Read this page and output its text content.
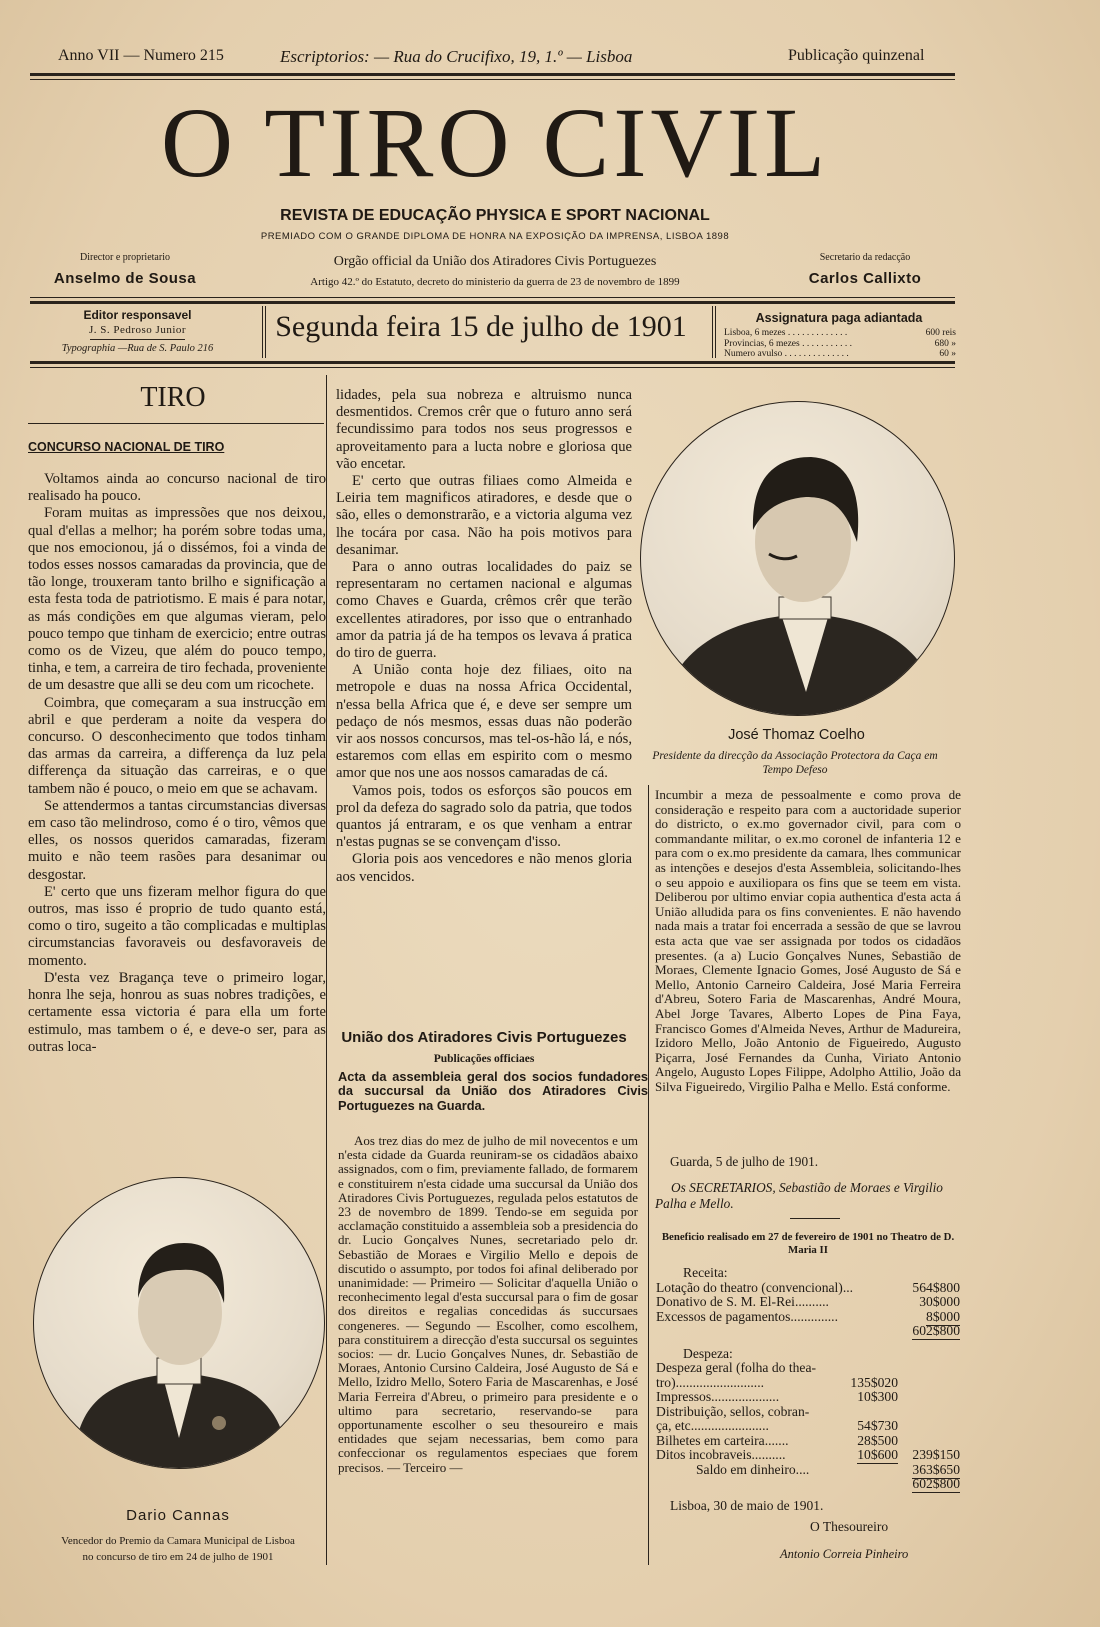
Anno VII — Numero 215	Escriptorios: — Rua do Crucifixo, 19, 1.º — Lisboa	Publicação quinzenal
O TIRO CIVIL
REVISTA DE EDUCAÇÃO PHYSICA E SPORT NACIONAL
PREMIADO COM O GRANDE DIPLOMA DE HONRA NA EXPOSIÇÃO DA IMPRENSA, LISBOA 1898
Director e proprietario
Anselmo de Sousa
Orgão official da União dos Atiradores Civis Portuguezes
Artigo 42.º do Estatuto, decreto do ministerio da guerra de 23 de novembro de 1899
Secretario da redacção
Carlos Callixto
Editor responsavel
J. S. Pedroso Junior
Typographia —Rua de S. Paulo 216
Segunda feira 15 de julho de 1901	Assignatura paga adiantada
Lisboa, 6 mezes . . . . . . . . . . . . .	600 reis
Provincias, 6 mezes . . . . . . . . . . .	680 »
Numero avulso . . . . . . . . . . . . . .	60 »
TIRO
CONCURSO NACIONAL DE TIRO

Voltamos ainda ao concurso nacional de tiro realisado ha pouco.

Foram muitas as impressões que nos deixou, qual d'ellas a melhor; ha porém sobre todas uma, que nos emocionou, já o dissémos, foi a vinda de todos esses nossos camaradas da provincia, que de tão longe, trouxeram tanto brilho e significação a esta festa toda de patriotismo. E mais é para notar, as más condições em que algumas vieram, pelo pouco tempo que tinham de exercicio; entre outras como os de Vizeu, que além do pouco tempo, tinha, e tem, a carreira de tiro fechada, proveniente de um desastre que alli se deu com um ricochete.

Coimbra, que começaram a sua instrucção em abril e que perderam a noite da vespera do concurso. O desconhecimento que todos tinham das armas da carreira, a differença da luz pela differença da situação das carreiras, e o que tambem não é pouco, o meio em que se achavam.

Se attendermos a tantas circumstancias diversas em caso tão melindroso, como é o tiro, vêmos que elles, os nossos queridos camaradas, fizeram muito e não teem rasões para desanimar ou desgostar.

E' certo que uns fizeram melhor figura do que outros, mas isso é proprio de tudo quanto está, como o tiro, sugeito a tão complicadas e multiplas circumstancias favoraveis ou desfavoraveis de momento.

D'esta vez Bragança teve o primeiro logar, honra lhe seja, honrou as suas nobres tradições, e certamente essa victoria é para ella um forte estimulo, mas tambem o é, e deve-o ser, para as outras loca-

Dario Cannas
Vencedor do Premio da Camara Municipal de Lisboa
no concurso de tiro em 24 de julho de 1901

lidades, pela sua nobreza e altruismo nunca desmentidos. Cremos crêr que o futuro anno será fecundissimo para todos nos seus progressos e aproveitamento para a lucta nobre e gloriosa que vão encetar.

E' certo que outras filiaes como Almeida e Leiria tem magnificos atiradores, e desde que o são, elles o demonstrarão, e a victoria alguma vez lhe tocára por casa. Não ha pois motivos para desanimar.

Para o anno outras localidades do paiz se representaram no certamen nacional e algumas como Chaves e Guarda, crêmos crêr que terão excellentes atiradores, por isso que o entranhado amor da patria já de ha tempos os levava á pratica do tiro de guerra.

A União conta hoje dez filiaes, oito na metropole e duas na nossa Africa Occidental, n'essa bella Africa que é, e deve ser sempre um pedaço de nós mesmos, essas duas não poderão vir aos nossos concursos, mas tel-os-hão lá, e nós, estaremos com ellas em espirito com o mesmo amor que nos une aos nossos camaradas de cá.

Vamos pois, todos os esforços são poucos em prol da defeza do sagrado solo da patria, que todos quantos já entraram, e os que venham a entrar n'estas pugnas se se convençam d'isso.

Gloria pois aos vencedores e não menos gloria aos vencidos.

União dos Atiradores Civis Portuguezes
Publicações officiaes
Acta da assembleia geral dos socios fundadores da succursal da União dos Atiradores Civis Portuguezes na Guarda.
Aos trez dias do mez de julho de mil novecentos e um n'esta cidade da Guarda reuniram-se os cidadãos abaixo assignados, com o fim, previamente fallado, de formarem e constituirem n'esta cidade uma succursal da União dos Atiradores Civis Portuguezes, regulada pelos estatutos de 23 de novembro de 1899. Tendo-se em seguida por acclamação constituido a assembleia sob a presidencia do dr. Lucio Gonçalves Nunes, secretariado pelo dr. Sebastião de Moraes e Virgilio Mello e depois de discutido o assumpto, por todos foi afinal deliberado por unanimidade: — Primeiro — Solicitar d'aquella União o reconhecimento legal d'esta succursal para o fim de gosar dos direitos e regalias concedidas ás succursaes congeneres. — Segundo — Escolher, como escolhem, para constituirem a direcção d'esta succursal os seguintes socios: — dr. Lucio Gonçalves Nunes, dr. Sebastião de Moraes, Antonio Cursino Caldeira, José Augusto de Sá e Mello, Izidro Mello, Sotero Faria de Mascarenhas, e José Maria Ferreira d'Abreu, o primeiro para presidente e o ultimo para secretario, reservando-se para opportunamente escolher o seu thesoureiro e mais entidades que sejam necessarias, bem como para confeccionar os regulamentos especiaes que forem precisos. — Terceiro —
José Thomaz Coelho
Presidente da direcção da Associação Protectora da Caça em Tempo Defeso
Incumbir a meza de pessoalmente e como prova de consideração e respeito para com a auctoridade superior do districto, o ex.mo governador civil, para com o commandante militar, o ex.mo coronel de infanteria 12 e para com o ex.mo presidente da camara, lhes communicar as intenções e desejos d'esta Assembleia, solicitando-lhes o seu appoio e auxiliopara os fins que se teem em vista. Deliberou por ultimo enviar copia authentica d'esta acta á União alludida para os fins convenientes. E não havendo nada mais a tratar foi encerrada a sessão de que se lavrou esta acta que vae ser assignada por todos os cidadãos presentes. (a a) Lucio Gonçalves Nunes, Sebastião de Moraes, Clemente Ignacio Gomes, José Augusto de Sá e Mello, Antonio Carneiro Caldeira, José Maria Ferreira d'Abreu, Sotero Faria de Mascarenhas, André Moura, Abel Jorge Tavares, Alberto Lopes de Pina Faya, Francisco Gomes d'Almeida Neves, Arthur de Madureira, Izidoro Mello, João Antonio de Figueiredo, Augusto Piçarra, José Fernandes da Cunha, Viriato Antonio Angelo, Augusto Lopes Filippe, Adolpho Attilio, João da Silva Figueiredo, Virgilio Palha e Mello. Está conforme.
Guarda, 5 de julho de 1901.
Os SECRETARIOS, Sebastião de Moraes e Virgilio Palha e Mello.
Beneficio realisado em 27 de fevereiro de 1901 no Theatro de D. Maria II
Receita:
Lotação do theatro (convencional)...	564$800
Donativo de S. M. El-Rei..........	30$000
Excessos de pagamentos..............	8$000
602$800
Despeza:
Despeza geral (folha do thea-
tro)..........................	135$020
Impressos....................	10$300
Distribuição, sellos, cobran-
ça, etc.......................	54$730
Bilhetes em carteira.......	28$500
Ditos incobraveis..........	10$600 239$150
Saldo em dinheiro....	363$650
602$800
Lisboa, 30 de maio de 1901.
O Thesoureiro
Antonio Correia Pinheiro
